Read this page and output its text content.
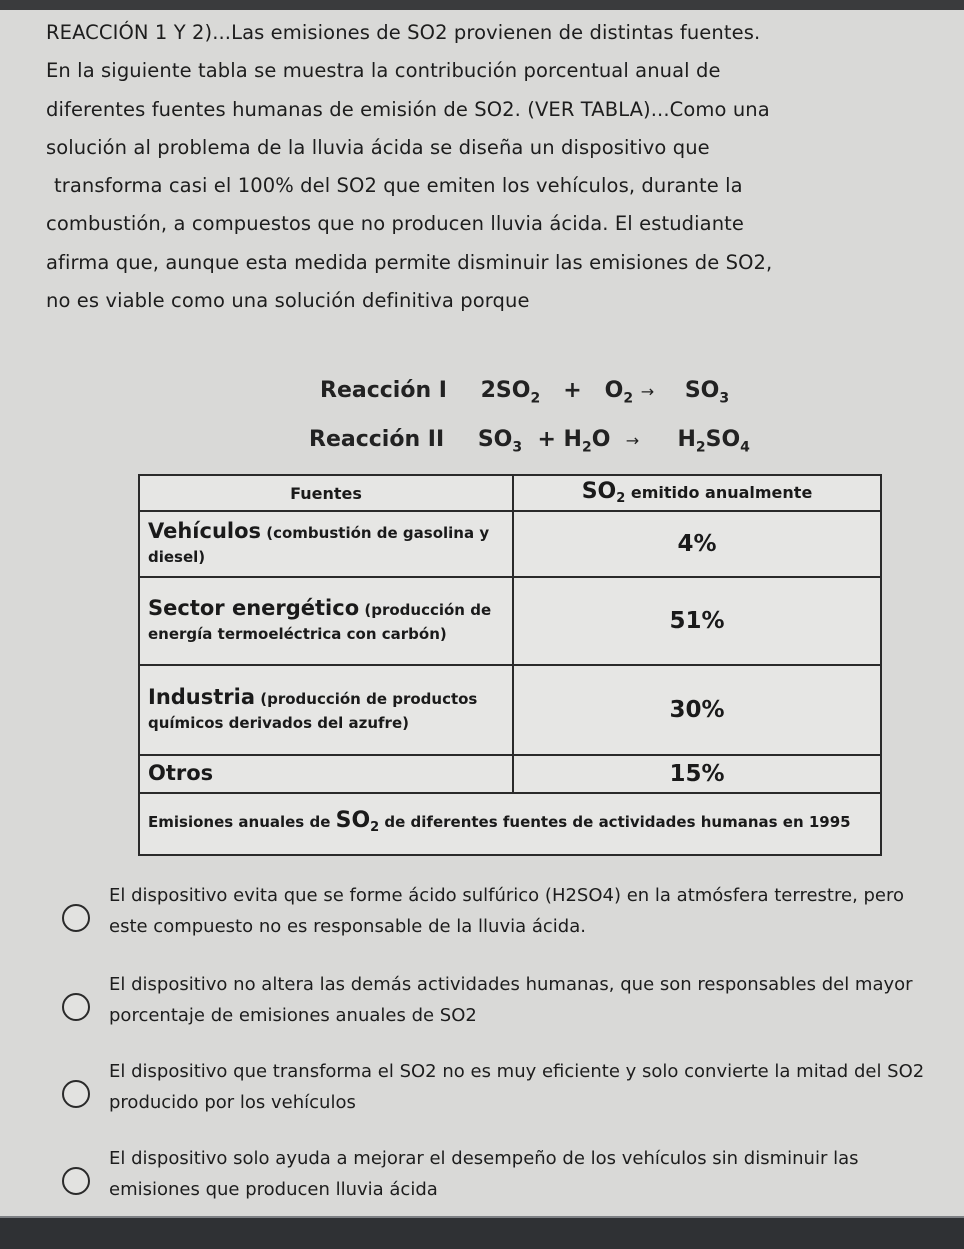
REACCIÓN 1 Y 2)...Las emisiones de SO2 provienen de distintas fuentes.
En la siguiente tabla se muestra la contribución porcentual anual de
diferentes fuentes humanas de emisión de SO2. (VER TABLA)...Como una
solución al problema de la lluvia ácida se diseña un dispositivo que
transforma casi el 100% del SO2 que emiten los vehículos, durante la
combustión, a compuestos que no producen lluvia ácida. El estudiante
afirma que, aunque esta medida permite disminuir las emisiones de SO2,
no es viable como una solución definitiva porque
Reacción I $2SO_2 + O_2 \to SO_3$
Reacción II $SO_3 + H_2O \to H_2SO_4$
Fuentes	$SO_2$ emitido anualmente
Vehículos (combustión de gasolina y diesel)	4%
Sector energético (producción de energía termoeléctrica con carbón)	51%
Industria (producción de productos químicos derivados del azufre)	30%
Otros	15%
Emisiones anuales de $SO_2$ de diferentes fuentes de actividades humanas en 1995	
El dispositivo evita que se forme ácido sulfúrico (H2SO4) en la atmósfera terrestre, pero este compuesto no es responsable de la lluvia ácida.
El dispositivo no altera las demás actividades humanas, que son responsables del mayor porcentaje de emisiones anuales de SO2
El dispositivo que transforma el SO2 no es muy eficiente y solo convierte la mitad del SO2 producido por los vehículos
El dispositivo solo ayuda a mejorar el desempeño de los vehículos sin disminuir las emisiones que producen lluvia ácida
